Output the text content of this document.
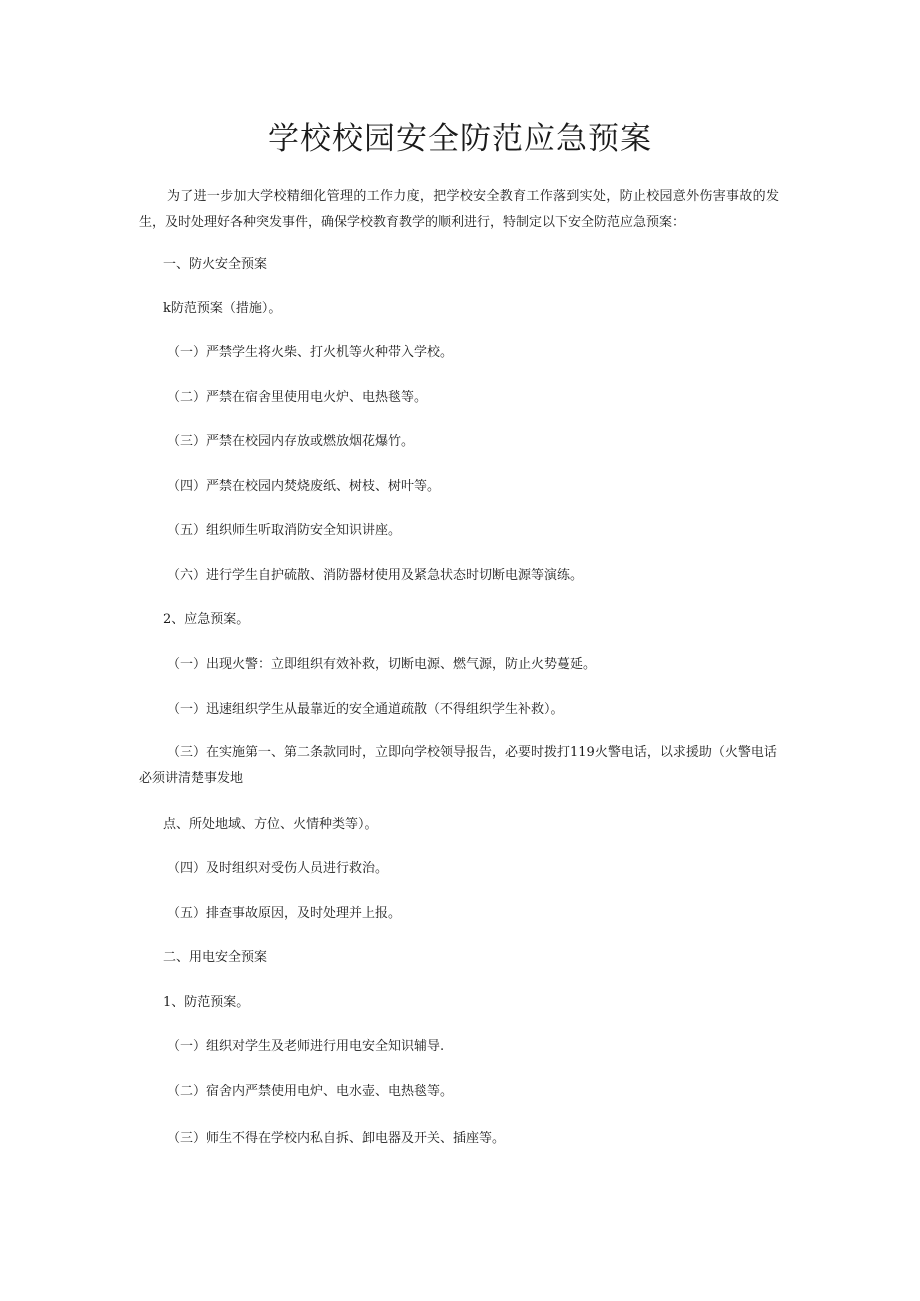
学校校园安全防范应急预案

为了进一步加大学校精细化管理的工作力度，把学校安全教育工作落到实处，防止校园意外伤害事故的发生，及时处理好各种突发事件，确保学校教育教学的顺利进行，特制定以下安全防范应急预案：

一、防火安全预案

k防范预案（措施）。

（一）严禁学生将火柴、打火机等火种带入学校。

（二）严禁在宿舍里使用电火炉、电热毯等。

（三）严禁在校园内存放或燃放烟花爆竹。

（四）严禁在校园内焚烧废纸、树枝、树叶等。

（五）组织师生听取消防安全知识讲座。

（六）进行学生自护硫散、消防器材使用及紧急状态时切断电源等演练。

2、应急预案。

（一）出现火警：立即组织有效补救，切断电源、燃气源，防止火势蔓延。

（一）迅速组织学生从最靠近的安全通道疏散（不得组织学生补救）。

（三）在实施第一、第二条款同时，立即向学校领导报告，必要时拨打119火警电话，以求援助（火警电话必须讲清楚事发地

点、所处地域、方位、火情种类等）。

（四）及时组织对受伤人员进行救治。

（五）排查事故原因，及时处理并上报。

二、用电安全预案

1、防范预案。

（一）组织对学生及老师进行用电安全知识辅导.

（二）宿舍内严禁使用电炉、电水壶、电热毯等。

（三）师生不得在学校内私自拆、卸电器及开关、插座等。
